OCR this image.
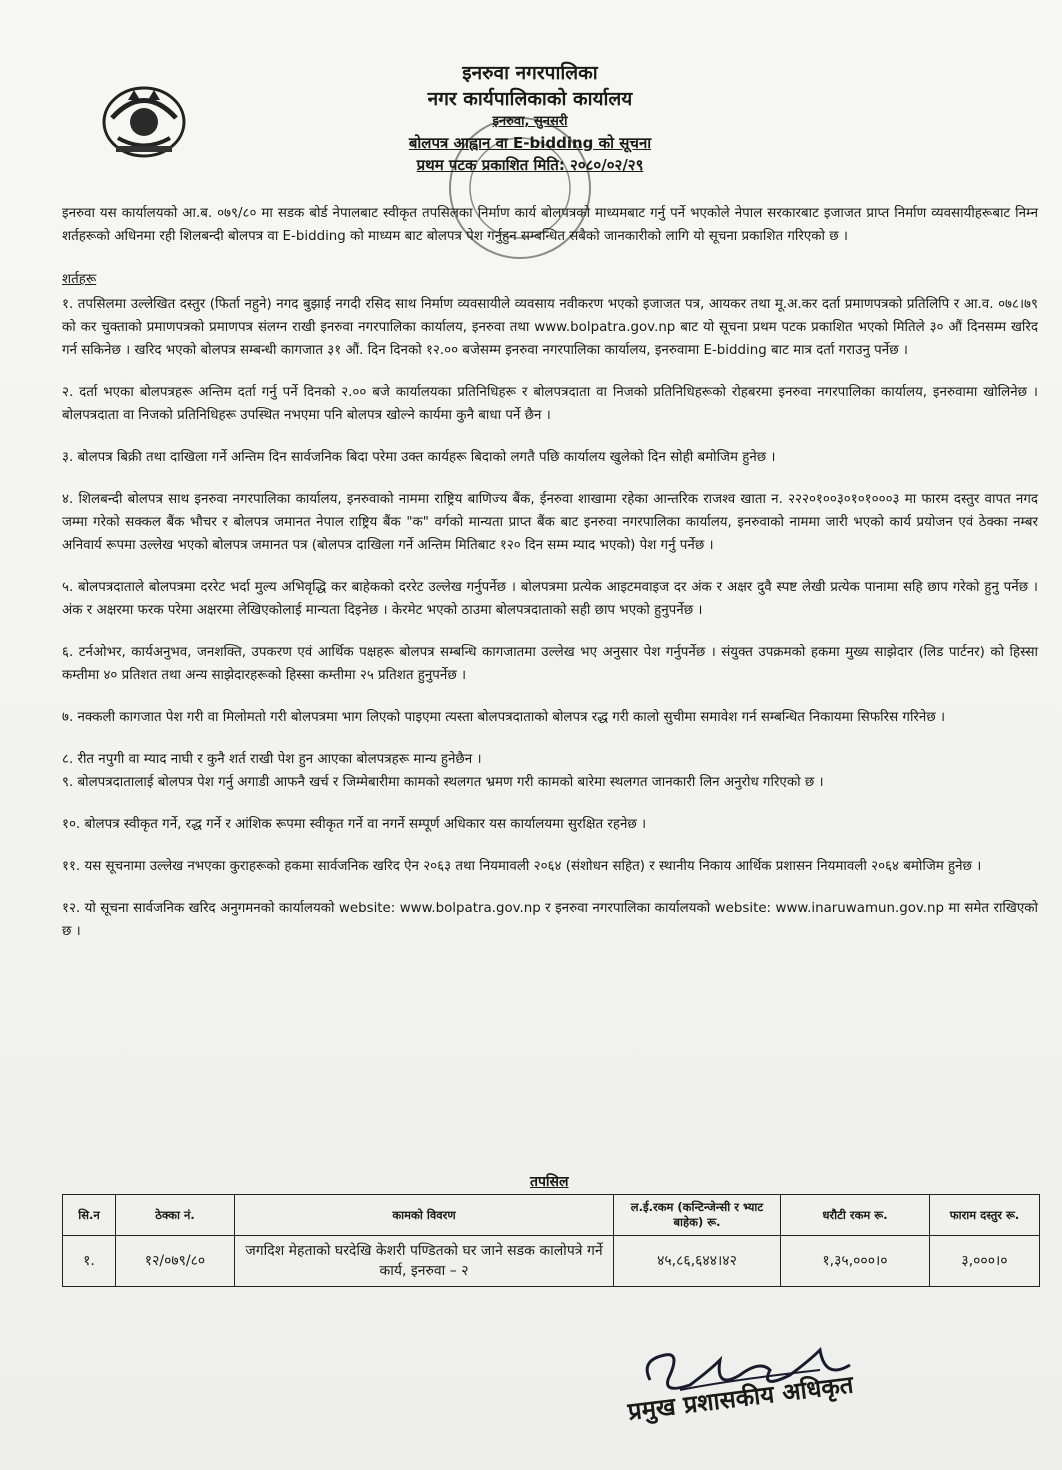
इनरुवा नगरपालिका
नगर कार्यपालिकाको कार्यालय
इनरुवा, सुनसरी
बोलपत्र आह्वान वा E-bidding को सूचना
प्रथम पटक प्रकाशित मिति: २०८०/०२/२९

इनरुवा यस कार्यालयको आ.ब. ०७९/८० मा सडक बोर्ड नेपालबाट स्वीकृत तपसिलका निर्माण कार्य बोलपत्रको माध्यमबाट गर्नु पर्ने भएकोले नेपाल सरकारबाट इजाजत प्राप्त निर्माण व्यवसायीहरूबाट निम्न शर्तहरूको अधिनमा रही शिलबन्दी बोलपत्र वा E-bidding को माध्यम बाट बोलपत्र पेश गर्नुहुन सम्बन्धित सबैको जानकारीको लागि यो सूचना प्रकाशित गरिएको छ ।

शर्तहरू

१. तपसिलमा उल्लेखित दस्तुर (फिर्ता नहुने) नगद बुझाई नगदी रसिद साथ निर्माण व्यवसायीले व्यवसाय नवीकरण भएको इजाजत पत्र, आयकर तथा मू.अ.कर दर्ता प्रमाणपत्रको प्रतिलिपि र आ.व. ०७८।७९ को कर चुक्ताको प्रमाणपत्रको प्रमाणपत्र संलग्न राखी इनरुवा नगरपालिका कार्यालय, इनरुवा तथा www.bolpatra.gov.np बाट यो सूचना प्रथम पटक प्रकाशित भएको मितिले ३० औं दिनसम्म खरिद गर्न सकिनेछ । खरिद भएको बोलपत्र सम्बन्धी कागजात ३१ औं. दिन दिनको १२.०० बजेसम्म इनरुवा नगरपालिका कार्यालय, इनरुवामा E-bidding बाट मात्र दर्ता गराउनु पर्नेछ ।

२. दर्ता भएका बोलपत्रहरू अन्तिम दर्ता गर्नु पर्ने दिनको २.०० बजे कार्यालयका प्रतिनिधिहरू र बोलपत्रदाता वा निजको प्रतिनिधिहरूको रोहबरमा इनरुवा नगरपालिका कार्यालय, इनरुवामा खोलिनेछ । बोलपत्रदाता वा निजको प्रतिनिधिहरू उपस्थित नभएमा पनि बोलपत्र खोल्ने कार्यमा कुनै बाधा पर्ने छैन ।

३. बोलपत्र बिक्री तथा दाखिला गर्ने अन्तिम दिन सार्वजनिक बिदा परेमा उक्त कार्यहरू बिदाको लगतै पछि कार्यालय खुलेको दिन सोही बमोजिम हुनेछ ।

४. शिलबन्दी बोलपत्र साथ इनरुवा नगरपालिका कार्यालय, इनरुवाको नाममा राष्ट्रिय बाणिज्य बैंक, ईनरुवा शाखामा रहेका आन्तरिक राजश्व खाता न. २२२०१००३०१०१०००३ मा फारम दस्तुर वापत नगद जम्मा गरेको सक्कल बैंक भौचर र बोलपत्र जमानत नेपाल राष्ट्रिय बैंक "क" वर्गको मान्यता प्राप्त बैंक बाट इनरुवा नगरपालिका कार्यालय, इनरुवाको नाममा जारी भएको कार्य प्रयोजन एवं ठेक्का नम्बर अनिवार्य रूपमा उल्लेख भएको बोलपत्र जमानत पत्र (बोलपत्र दाखिला गर्ने अन्तिम मितिबाट १२० दिन सम्म म्याद भएको) पेश गर्नु पर्नेछ ।

५. बोलपत्रदाताले बोलपत्रमा दररेट भर्दा मुल्य अभिवृद्धि कर बाहेकको दररेट उल्लेख गर्नुपर्नेछ । बोलपत्रमा प्रत्येक आइटमवाइज दर अंक र अक्षर दुवै स्पष्ट लेखी प्रत्येक पानामा सहि छाप गरेको हुनु पर्नेछ । अंक र अक्षरमा फरक परेमा अक्षरमा लेखिएकोलाई मान्यता दिइनेछ । केरमेट भएको ठाउमा बोलपत्रदाताको सही छाप भएको हुनुपर्नेछ ।

६. टर्नओभर, कार्यअनुभव, जनशक्ति, उपकरण एवं आर्थिक पक्षहरू बोलपत्र सम्बन्धि कागजातमा उल्लेख भए अनुसार पेश गर्नुपर्नेछ । संयुक्त उपक्रमको हकमा मुख्य साझेदार (लिड पार्टनर) को हिस्सा कम्तीमा ४० प्रतिशत तथा अन्य साझेदारहरूको हिस्सा कम्तीमा २५ प्रतिशत हुनुपर्नेछ ।

७. नक्कली कागजात पेश गरी वा मिलोमतो गरी बोलपत्रमा भाग लिएको पाइएमा त्यस्ता बोलपत्रदाताको बोलपत्र रद्ध गरी कालो सुचीमा समावेश गर्न सम्बन्धित निकायमा सिफरिस गरिनेछ ।

८. रीत नपुगी वा म्याद नाघी र कुनै शर्त राखी पेश हुन आएका बोलपत्रहरू मान्य हुनेछैन ।

९. बोलपत्रदातालाई बोलपत्र पेश गर्नु अगाडी आफनै खर्च र जिम्मेबारीमा कामको स्थलगत भ्रमण गरी कामको बारेमा स्थलगत जानकारी लिन अनुरोध गरिएको छ ।

१०. बोलपत्र स्वीकृत गर्ने, रद्ध गर्ने र आंशिक रूपमा स्वीकृत गर्ने वा नगर्ने सम्पूर्ण अधिकार यस कार्यालयमा सुरक्षित रहनेछ ।

११. यस सूचनामा उल्लेख नभएका कुराहरूको हकमा सार्वजनिक खरिद ऐन २०६३ तथा नियमावली २०६४ (संशोधन सहित) र स्थानीय निकाय आर्थिक प्रशासन नियमावली २०६४ बमोजिम हुनेछ ।

१२. यो सूचना सार्वजनिक खरिद अनुगमनको कार्यालयको website: www.bolpatra.gov.np र इनरुवा नगरपालिका कार्यालयको website: www.inaruwamun.gov.np मा समेत राखिएको छ ।

तपसिल
सि.न	ठेक्का नं.	कामको विवरण	ल.ई.रकम (कन्टिन्जेन्सी र भ्याट बाहेक) रू.	धरौटी रकम रू.	फाराम दस्तुर रू.
१.	१२/०७९/८०	जगदिश मेहताको घरदेखि केशरी पण्डितको घर जाने सडक कालोपत्रे गर्ने कार्य, इनरुवा – २	४५,८६,६४४।४२	१,३५,०००।०	३,०००।०
प्रमुख प्रशासकीय अधिकृत
